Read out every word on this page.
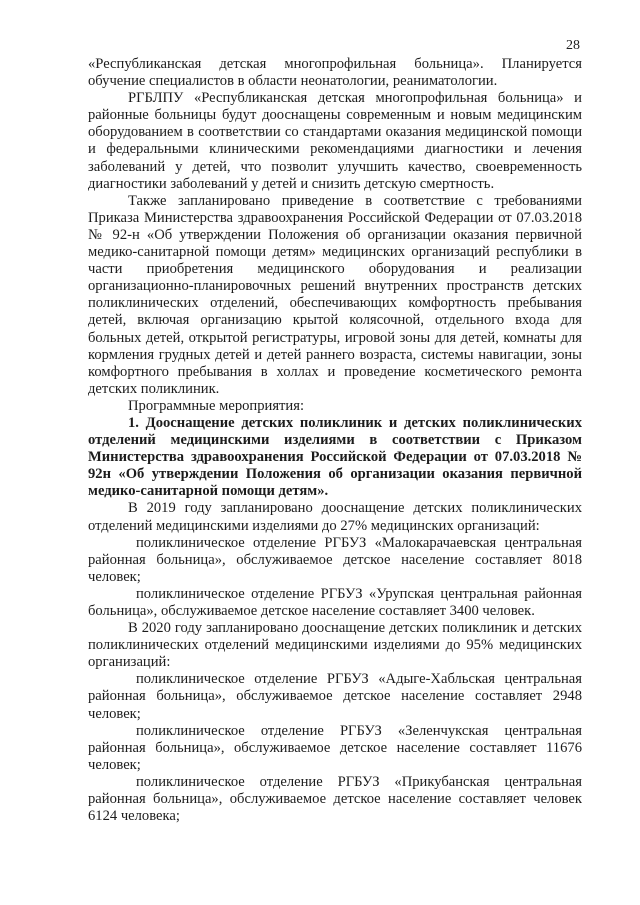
28

«Республиканская детская многопрофильная больница». Планируется обучение специалистов в области неонатологии, реаниматологии.

РГБЛПУ «Республиканская детская многопрофильная больница» и районные больницы будут дооснащены современным и новым медицинским оборудованием в соответствии со стандартами оказания медицинской помощи и федеральными клиническими рекомендациями диагностики и лечения заболеваний у детей, что позволит улучшить качество, своевременность диагностики заболеваний у детей и снизить детскую смертность.

Также запланировано приведение в соответствие с требованиями Приказа Министерства здравоохранения Российской Федерации от 07.03.2018 № 92-н «Об утверждении Положения об организации оказания первичной медико-санитарной помощи детям» медицинских организаций республики в части приобретения медицинского оборудования и реализации организационно-планировочных решений внутренних пространств детских поликлинических отделений, обеспечивающих комфортность пребывания детей, включая организацию крытой колясочной, отдельного входа для больных детей, открытой регистратуры, игровой зоны для детей, комнаты для кормления грудных детей и детей раннего возраста, системы навигации, зоны комфортного пребывания в холлах и проведение косметического ремонта детских поликлиник.

Программные мероприятия:

1. Дооснащение детских поликлиник и детских поликлинических отделений медицинскими изделиями в соответствии с Приказом Министерства здравоохранения Российской Федерации от 07.03.2018 № 92н «Об утверждении Положения об организации оказания первичной медико-санитарной помощи детям».

В 2019 году запланировано дооснащение детских поликлинических отделений медицинскими изделиями до 27% медицинских организаций:

поликлиническое отделение РГБУЗ «Малокарачаевская центральная районная больница», обслуживаемое детское население составляет 8018 человек;

поликлиническое отделение РГБУЗ «Урупская центральная районная больница», обслуживаемое детское население составляет 3400 человек.

В 2020 году запланировано дооснащение детских поликлиник и детских поликлинических отделений медицинскими изделиями до 95% медицинских организаций:

поликлиническое отделение РГБУЗ «Адыге-Хабльская центральная районная больница», обслуживаемое детское население составляет 2948 человек;

поликлиническое отделение РГБУЗ «Зеленчукская центральная районная больница», обслуживаемое детское население составляет 11676 человек;

поликлиническое отделение РГБУЗ «Прикубанская центральная районная больница», обслуживаемое детское население составляет человек 6124 человека;
